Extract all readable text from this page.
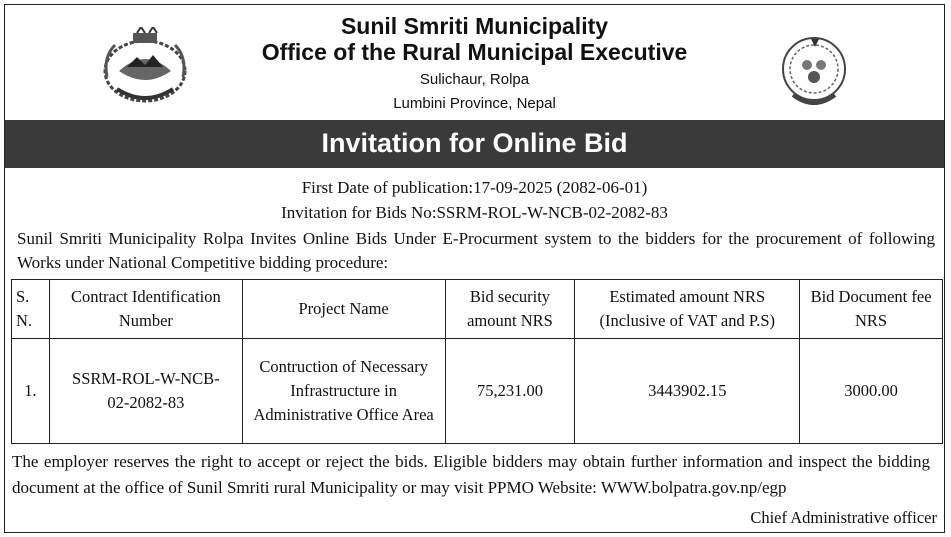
Sunil Smriti Municipality
Office of the Rural Municipal Executive
Sulichaur, Rolpa
Lumbini Province, Nepal
Invitation for Online Bid
First Date of publication:17-09-2025 (2082-06-01)
Invitation for Bids No:SSRM-ROL-W-NCB-02-2082-83
Sunil Smriti Municipality Rolpa Invites Online Bids Under E-Procurment system to the bidders for the procurement of following Works under National Competitive bidding procedure:
S. N.	Contract Identification Number	Project Name	Bid security amount NRS	Estimated amount NRS (Inclusive of VAT and P.S)	Bid Document fee NRS
1.	SSRM-ROL-W-NCB-02-2082-83	Contruction of Necessary Infrastructure in Administrative Office Area	75,231.00	3443902.15	3000.00
The employer reserves the right to accept or reject the bids. Eligible bidders may obtain further information and inspect the bidding document at the office of Sunil Smriti rural Municipality or may visit PPMO Website: WWW.bolpatra.gov.np/egp
Chief Administrative officer
